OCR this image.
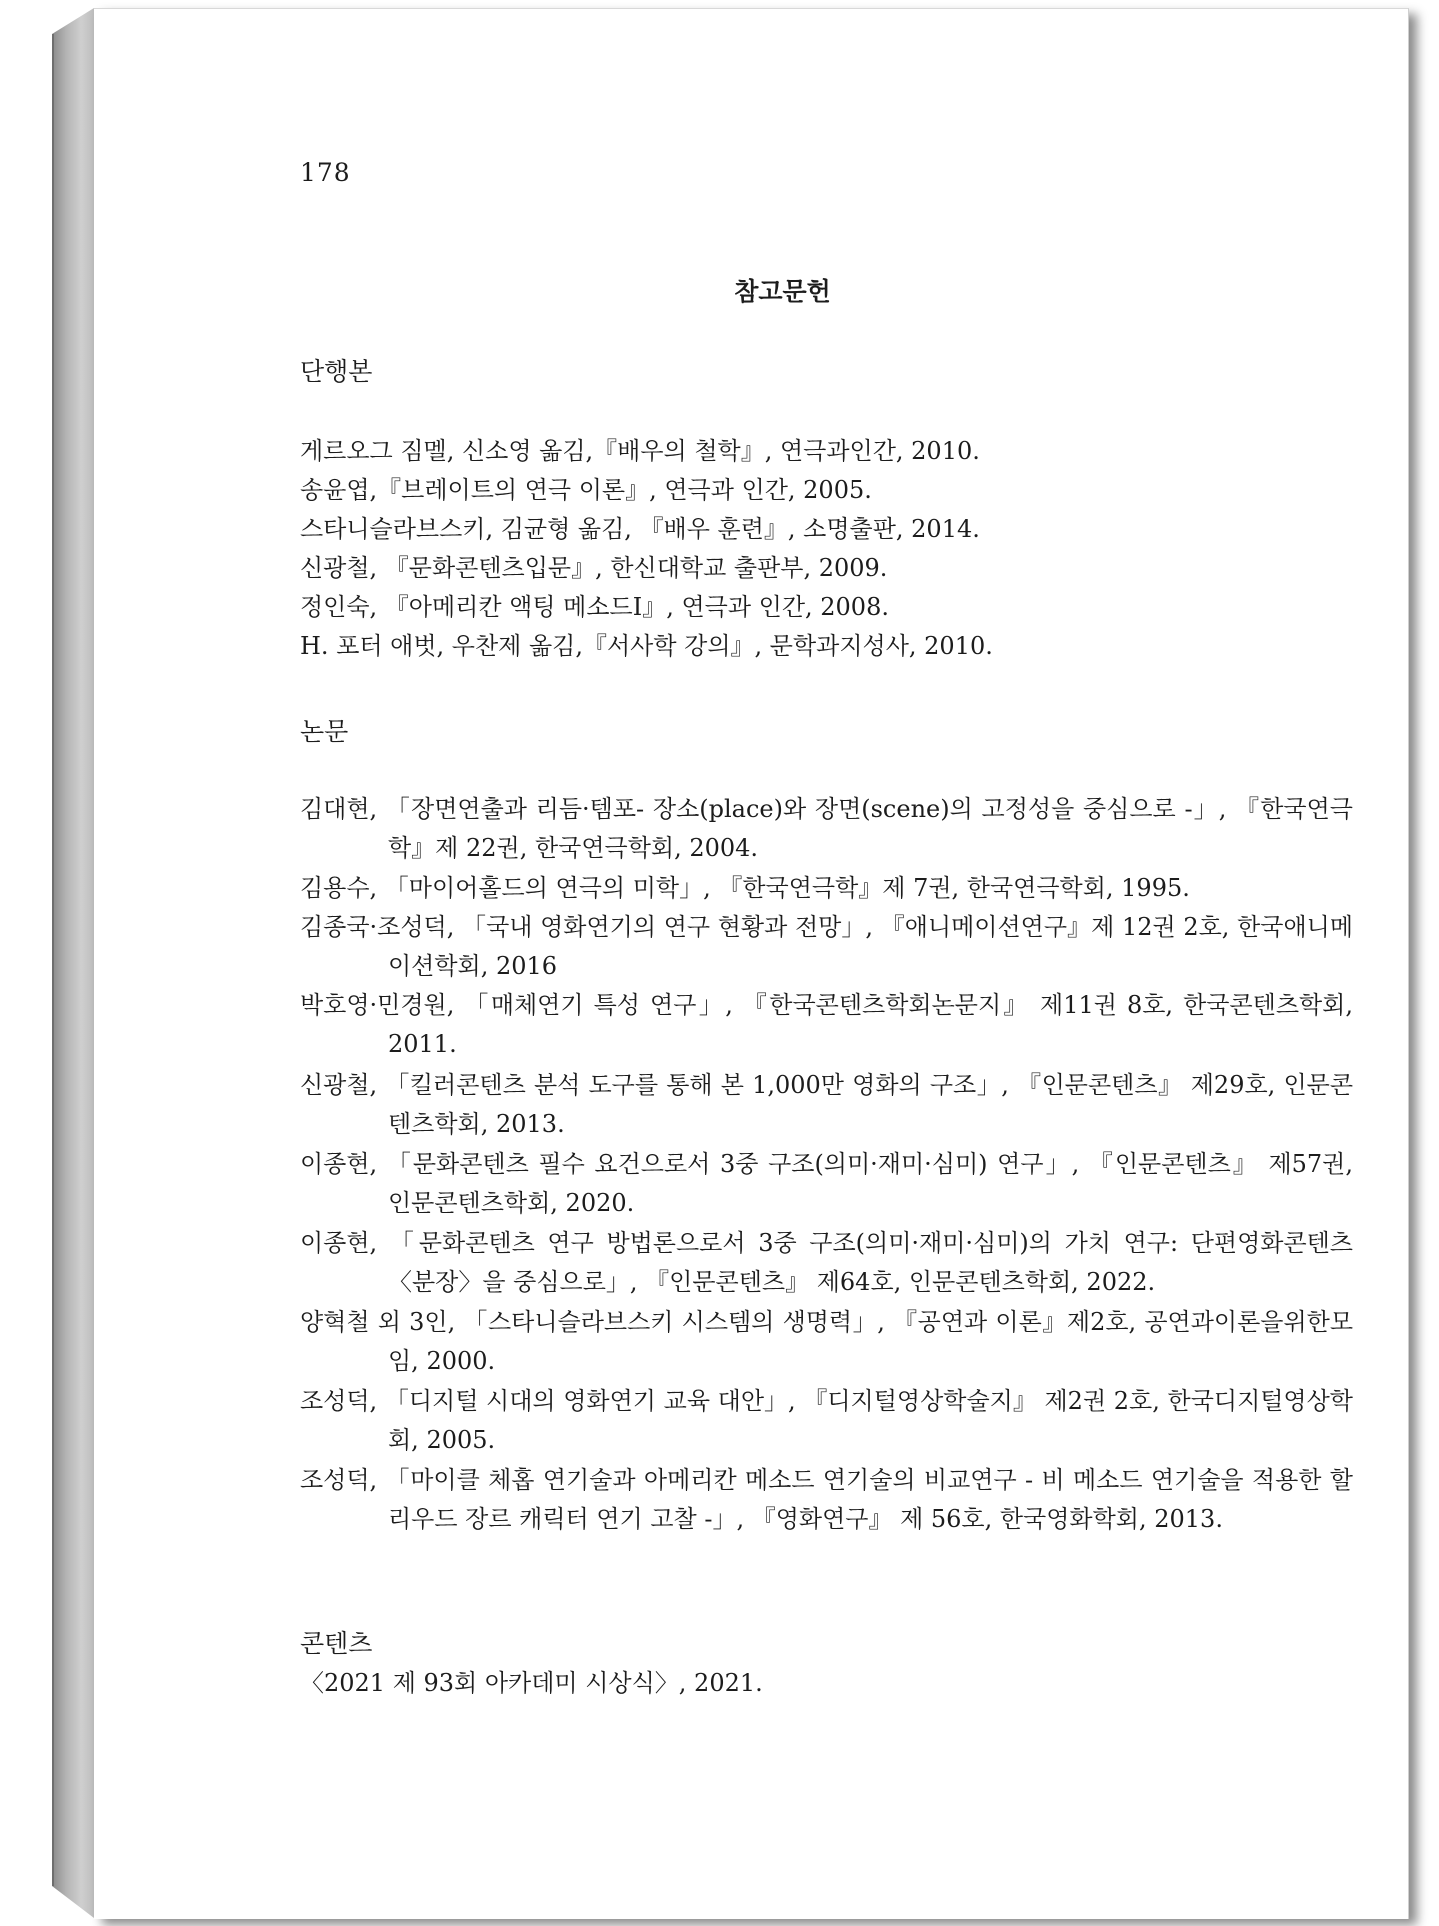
178
참고문헌
단행본
게르오그 짐멜, 신소영 옮김,『배우의 철학』, 연극과인간, 2010.
송윤엽,『브레이트의 연극 이론』, 연극과 인간, 2005.
스타니슬라브스키, 김균형 옮김, 『배우 훈련』, 소명출판, 2014.
신광철, 『문화콘텐츠입문』, 한신대학교 출판부, 2009.
정인숙, 『아메리칸 액팅 메소드Ⅰ』, 연극과 인간, 2008.
H. 포터 애벗, 우찬제 옮김,『서사학 강의』, 문학과지성사, 2010.
논문
김대현, 「장면연출과 리듬·템포- 장소(place)와 장면(scene)의 고정성을 중심으로 -」, 『한국연극학』제 22권, 한국연극학회, 2004.
김용수, 「마이어홀드의 연극의 미학」, 『한국연극학』제 7권, 한국연극학회, 1995.
김종국·조성덕, 「국내 영화연기의 연구 현황과 전망」, 『애니메이션연구』제 12권 2호, 한국애니메이션학회, 2016
박호영·민경원, 「매체연기 특성 연구」, 『한국콘텐츠학회논문지』 제11권 8호, 한국콘텐츠학회, 2011.
신광철, 「킬러콘텐츠 분석 도구를 통해 본 1,000만 영화의 구조」, 『인문콘텐츠』 제29호, 인문콘텐츠학회, 2013.
이종현, 「문화콘텐츠 필수 요건으로서 3중 구조(의미·재미·심미) 연구」, 『인문콘텐츠』 제57권, 인문콘텐츠학회, 2020.
이종현, 「문화콘텐츠 연구 방법론으로서 3중 구조(의미·재미·심미)의 가치 연구: 단편영화콘텐츠 〈분장〉을 중심으로」, 『인문콘텐츠』 제64호, 인문콘텐츠학회, 2022.
양혁철 외 3인, 「스타니슬라브스키 시스템의 생명력」, 『공연과 이론』제2호, 공연과이론을위한모임, 2000.
조성덕, 「디지털 시대의 영화연기 교육 대안」, 『디지털영상학술지』 제2권 2호, 한국디지털영상학회, 2005.
조성덕, 「마이클 체홉 연기술과 아메리칸 메소드 연기술의 비교연구 - 비 메소드 연기술을 적용한 할리우드 장르 캐릭터 연기 고찰 -」, 『영화연구』 제 56호, 한국영화학회, 2013.
콘텐츠
〈2021 제 93회 아카데미 시상식〉, 2021.
